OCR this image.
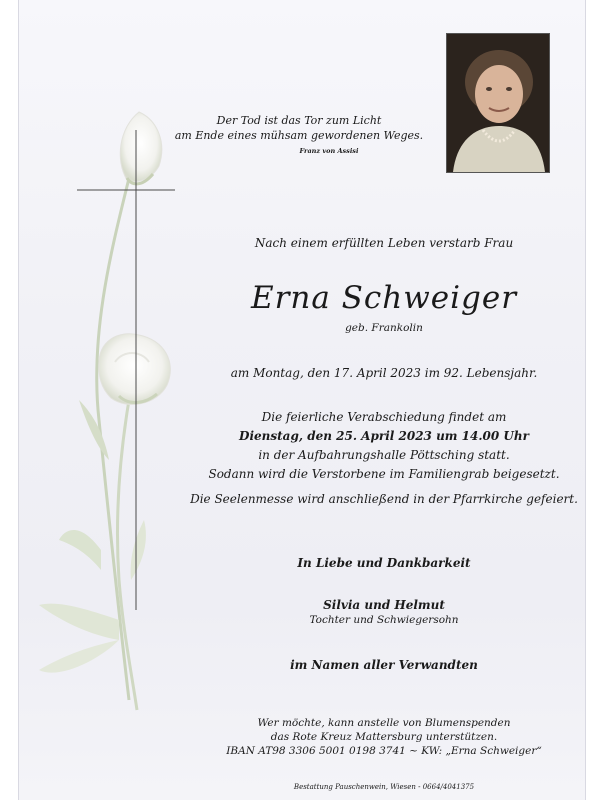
Der Tod ist das Tor zum Licht
am Ende eines mühsam gewordenen Weges.
Franz von Assisi
Nach einem erfüllten Leben verstarb Frau
Erna Schweiger
geb. Frankolin
am Montag, den 17. April 2023 im 92. Lebensjahr.
Die feierliche Verabschiedung findet am
Dienstag, den 25. April 2023 um 14.00 Uhr
in der Aufbahrungshalle Pöttsching statt.
Sodann wird die Verstorbene im Familiengrab beigesetzt.
Die Seelenmesse wird anschließend in der Pfarrkirche gefeiert.
In Liebe und Dankbarkeit
Silvia und Helmut
Tochter und Schwiegersohn
im Namen aller Verwandten
Wer möchte, kann anstelle von Blumenspenden
das Rote Kreuz Mattersburg unterstützen.
IBAN AT98 3306 5001 0198 3741 ~ KW: „Erna Schweiger“
Bestattung Pauschenwein, Wiesen - 0664/4041375
